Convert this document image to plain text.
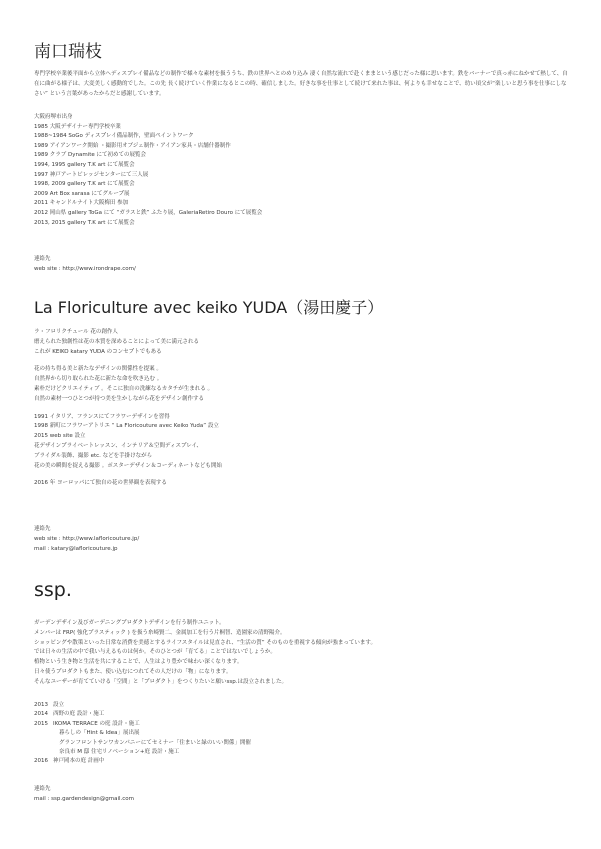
南口瑞枝
専門学校卒業後平面から立体へディスプレイ備品などの制作で様々な素材を扱ううち、鉄の世界へとのめり込み 凄く自然な流れで赴くままという感じだった様に思います。鉄をバーナーで真っ赤にねかせて熱して、自在に曲がる様子は、大変美しく感動的でした。この先 長く続けていく作業になるとこの時、確信しました。好きな事を仕事として続けて来れた事は、何よりも幸せなことで、幼い頃父が“楽しいと思う事を仕事にしなさい” という言葉があったからだと感謝しています。
大阪府堺市出身
1985 大阪デザイナー専門学校卒業
1988~1984 SoGo ディスプレイ備品制作，壁面ペイントワーク
1989 アイアンワーク開始 ・撮影用オブジェ制作・アイアン家具・店舗什器制作
1989 クラブ Dynamite にて初めての展覧会
1994, 1995 gallery T.K art にて展覧会
1997 神戸アートビレッジセンターにて三人展
1998, 2009 gallery T.K art にて展覧会
2009 Art Box sarasa にてグループ展
2011 キャンドルナイト大阪梅田 参加
2012 岡山県 gallery ToGa にて “ガラスと鉄” ふたり展，GaleriaRetiro Douro にて展覧会
2013, 2015 gallery T.K art にて展覧会
連絡先
web site : http://www.irondrape.com/
La Floriculture avec keiko YUDA（湯田慶子）
ラ・フロリクチュール 花の創作人
磨えられた独創性は花の本質を深めることによって美に満元される
これが KEIKO katary YUDA のコンセプトでもある
花の持ち得る美と新たなデザインの関係性を提案 。
自然界から切り取られた花に新たな命を吹き込む 。
素朴だけどクリエイティブ 。そこに独自の洗練なるカタチが生まれる 。
自然の素材一つひとつが持つ美を生かしながら花をデザイン創作する
1991 イタリア、フランスにてフラワーデザインを習得
1998 新町にフラワーアトリエ “ La Floricouture avec Keiko Yuda” 設立
2015 web site 設立
花デザインプライベートレッスン、インテリア＆空間ディスプレイ、
ブライダル装飾、撮影 etc. などを手掛けながら
花の美の瞬間を捉える撮影 。ポスターデザイン＆コーディネートなども開始
2016 年 ヨーロッパにて独自の花の世界観を表現する
連絡先
web site : http://www.lafloricouture.jp/
mail : katary@lafloricouture.jp
ssp.
ガーデンデザイン及びガーデニングプロダクトデザインを行う制作ユニット。
メンバーは FRP( 強化プラスティック ) を扱う糸崎賢二、金属加工を行う片桐智、造園家の清野陽介。
ショッピングや散策といった日常な消費を美徳とするライフスタイルは見直され、“生活の質” そのものを重視する傾向が強まっています。
では日々の生活の中で我い与えるものは何か。そのひとつが「育てる」ことではないでしょうか。
植物という生き物と生活を共にすることで、人生はより豊かで味わい深くなります。
日々使うプロダクトもまた、使い込むにつれてその人だけの「物」になります。
そんなユーザーが育てていける「空間」と「プロダクト」をつくりたいと願いssp.は設立されました。
2013 設立
2014 西野の庭 設計・施工
2015 IKOMA TERRACE の庭 設計・施工
暮らしの「Hint & Idea」展出展
グランフロントサンワカンパニーにてセミナー「住まいと緑のいい関係」開催
奈良市 M 邸 住宅リノベーション+庭 設計・施工
2016 神戸岡本の庭 計画中
連絡先
mail : ssp.gardendesign@gmail.com
